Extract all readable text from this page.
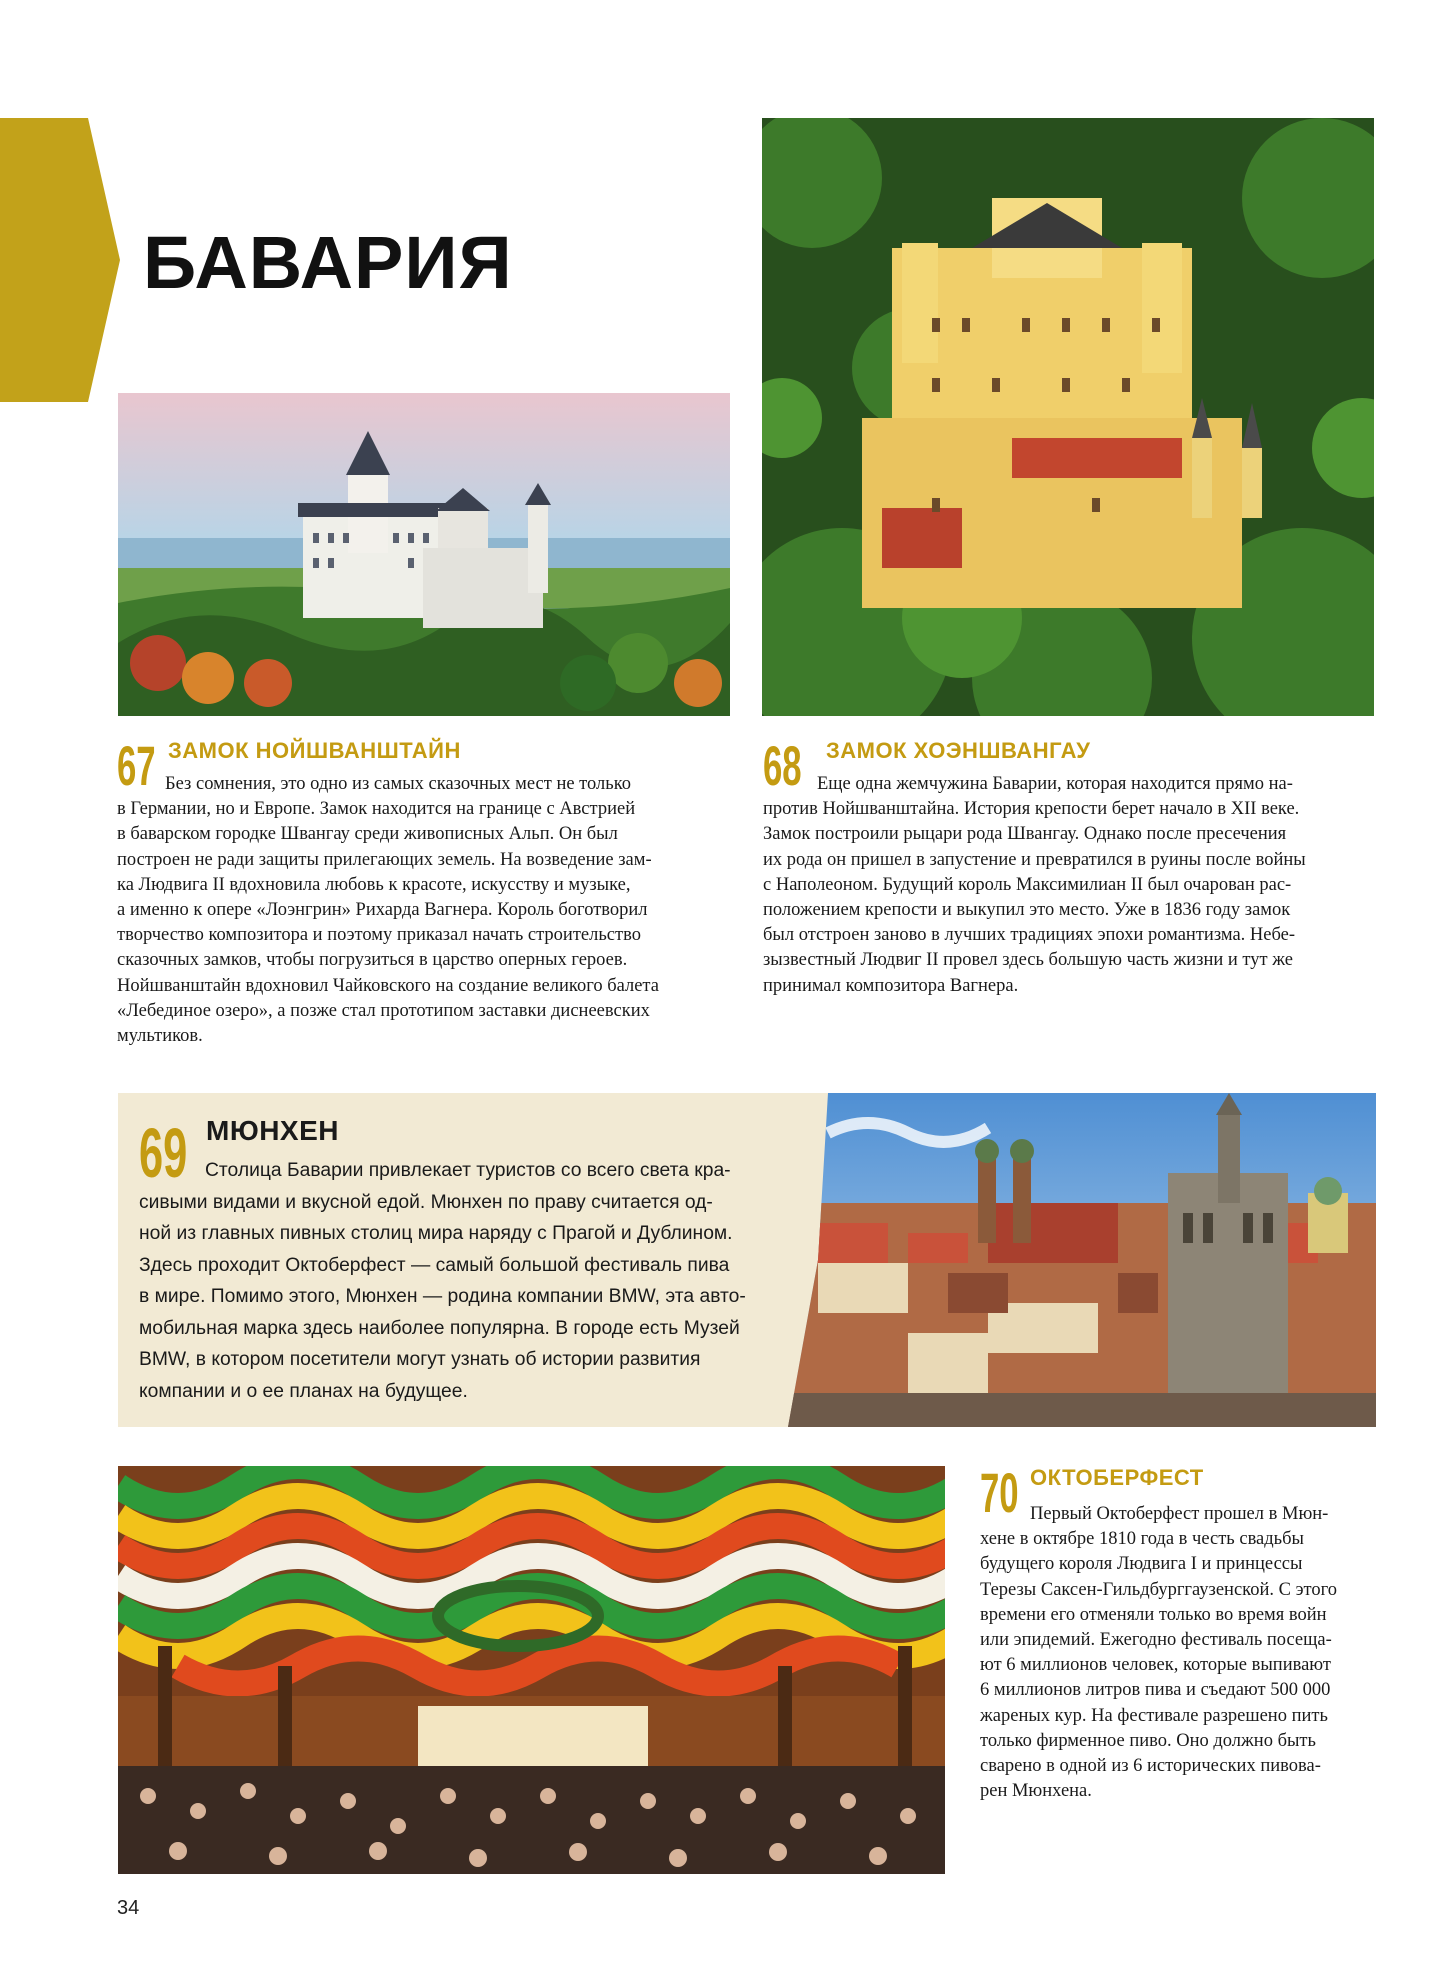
БАВАРИЯ
67 ЗАМОК НОЙШВАНШТАЙН
Без сомнения, это одно из самых сказочных мест не только
в Германии, но и Европе. Замок находится на границе с Австрией
в баварском городке Швангау среди живописных Альп. Он был
построен не ради защиты прилегающих земель. На возведение зам-
ка Людвига II вдохновила любовь к красоте, искусству и музыке,
а именно к опере «Лоэнгрин» Рихарда Вагнера. Король боготворил
творчество композитора и поэтому приказал начать строительство
сказочных замков, чтобы погрузиться в царство оперных героев.
Нойшванштайн вдохновил Чайковского на создание великого балета
«Лебединое озеро», а позже стал прототипом заставки диснеевских
мультиков.
68 ЗАМОК ХОЭНШВАНГАУ
Еще одна жемчужина Баварии, которая находится прямо на-
против Нойшванштайна. История крепости берет начало в XII веке.
Замок построили рыцари рода Швангау. Однако после пресечения
их рода он пришел в запустение и превратился в руины после войны
с Наполеоном. Будущий король Максимилиан II был очарован рас-
положением крепости и выкупил это место. Уже в 1836 году замок
был отстроен заново в лучших традициях эпохи романтизма. Небе-
зызвестный Людвиг II провел здесь большую часть жизни и тут же
принимал композитора Вагнера.
69 МЮНХЕН
Столица Баварии привлекает туристов со всего света кра-
сивыми видами и вкусной едой. Мюнхен по праву считается од-
ной из главных пивных столиц мира наряду с Прагой и Дублином.
Здесь проходит Октоберфест — самый большой фестиваль пива
в мире. Помимо этого, Мюнхен — родина компании BMW, эта авто-
мобильная марка здесь наиболее популярна. В городе есть Музей
BMW, в котором посетители могут узнать об истории развития
компании и о ее планах на будущее.
70 ОКТОБЕРФЕСТ
Первый Октоберфест прошел в Мюн-
хене в октябре 1810 года в честь свадьбы
будущего короля Людвига I и принцессы
Терезы Саксен-Гильдбурггаузенской. С этого
времени его отменяли только во время войн
или эпидемий. Ежегодно фестиваль посеща-
ют 6 миллионов человек, которые выпивают
6 миллионов литров пива и съедают 500 000
жареных кур. На фестивале разрешено пить
только фирменное пиво. Оно должно быть
сварено в одной из 6 исторических пивова-
рен Мюнхена.
34
